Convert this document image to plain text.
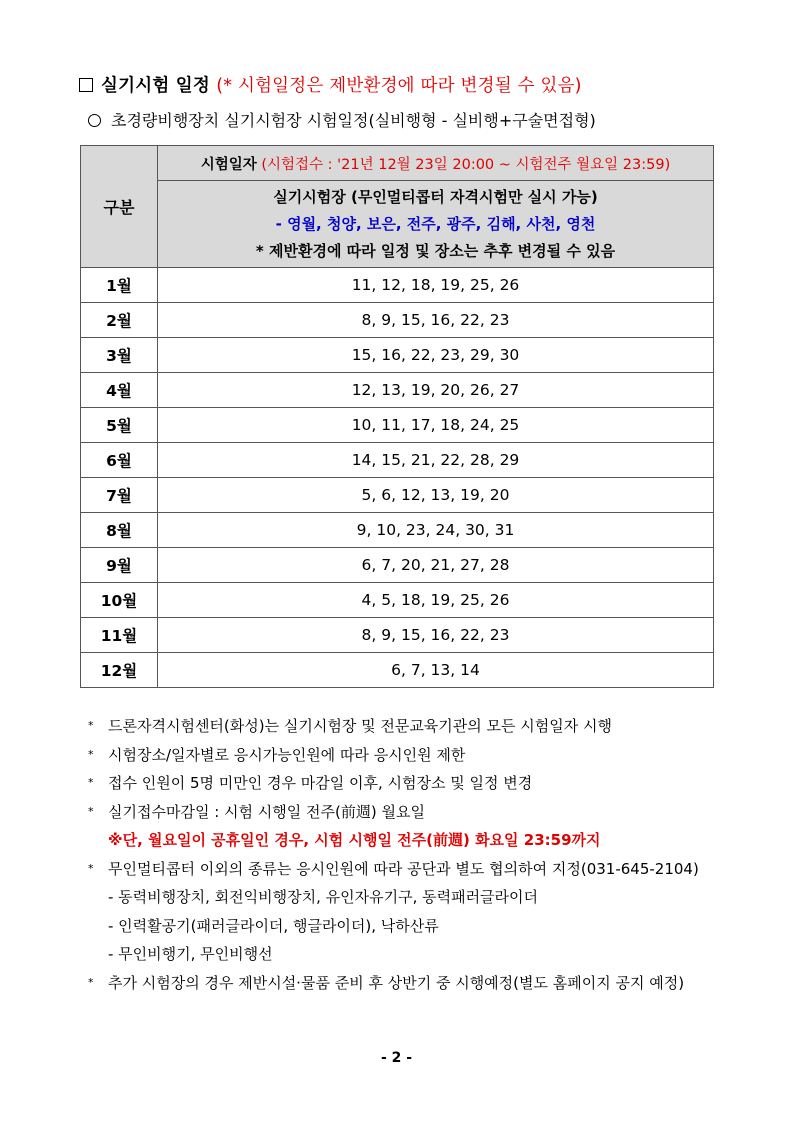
실기시험 일정 (* 시험일정은 제반환경에 따라 변경될 수 있음)
초경량비행장치 실기시험장 시험일정(실비행형 - 실비행+구술면접형)
구분	시험일자 (시험접수 : '21년 12월 23일 20:00 ~ 시험전주 월요일 23:59)

	실기시험장 (무인멀티콥터 자격시험만 실시 가능)
- 영월, 청양, 보은, 전주, 광주, 김해, 사천, 영천
* 제반환경에 따라 일정 및 장소는 추후 변경될 수 있음

1월	11, 12, 18, 19, 25, 26
2월	8, 9, 15, 16, 22, 23
3월	15, 16, 22, 23, 29, 30
4월	12, 13, 19, 20, 26, 27
5월	10, 11, 17, 18, 24, 25
6월	14, 15, 21, 22, 28, 29
7월	5, 6, 12, 13, 19, 20
8월	9, 10, 23, 24, 30, 31
9월	6, 7, 20, 21, 27, 28
10월	4, 5, 18, 19, 25, 26
11월	8, 9, 15, 16, 22, 23
12월	6, 7, 13, 14
* 드론자격시험센터(화성)는 실기시험장 및 전문교육기관의 모든 시험일자 시행
* 시험장소/일자별로 응시가능인원에 따라 응시인원 제한
* 접수 인원이 5명 미만인 경우 마감일 이후, 시험장소 및 일정 변경
* 실기접수마감일 : 시험 시행일 전주(前週) 월요일
※단, 월요일이 공휴일인 경우, 시험 시행일 전주(前週) 화요일 23:59까지
* 무인멀티콥터 이외의 종류는 응시인원에 따라 공단과 별도 협의하여 지정(031-645-2104)
- 동력비행장치, 회전익비행장치, 유인자유기구, 동력패러글라이더
- 인력활공기(패러글라이더, 행글라이더), 낙하산류
- 무인비행기, 무인비행선
* 추가 시험장의 경우 제반시설·물품 준비 후 상반기 중 시행예정(별도 홈페이지 공지 예정)
- 2 -
